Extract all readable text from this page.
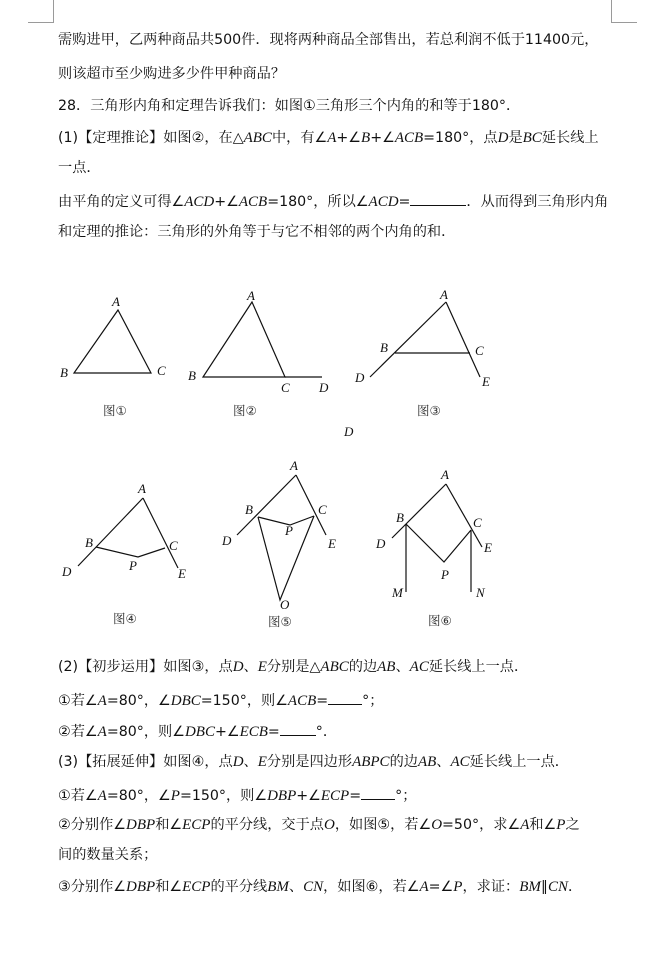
需购进甲，乙两种商品共500件．现将两种商品全部售出，若总利润不低于11400元，
则该超市至少购进多少件甲种商品？
28．三角形内角和定理告诉我们：如图①三角形三个内角的和等于180°．
(1)【定理推论】如图②，在△ABC中，有∠A+∠B+∠ACB=180°，点D是BC延长线上
一点．
由平角的定义可得∠ACD+∠ACB=180°，所以∠ACD=	．从而得到三角形内角
和定理的推论：三角形的外角等于与它不相邻的两个内角的和．
A
B	C
图①
A
B
C D
图②
A
B	C
D	E
图③
D
A
B	C
D	E
P
图④
A
B	C
D	E
P
O
图⑤
A
B	C
D	E
P
M	N
图⑥
(2)【初步运用】如图③，点D、E分别是△ABC的边AB、AC延长线上一点．
①若∠A=80°，∠DBC=150°，则∠ACB= °；
②若∠A=80°，则∠DBC+∠ECB=	°．
(3)【拓展延伸】如图④，点D、E分别是四边形ABPC的边AB、AC延长线上一点．
①若∠A=80°，∠P=150°，则∠DBP+∠ECP= °；
②分别作∠DBP和∠ECP的平分线，交于点O，如图⑤，若∠O=50°，求∠A和∠P之
间的数量关系；
③分别作∠DBP和∠ECP的平分线BM、CN，如图⑥，若∠A=∠P，求证：BM∥CN．
